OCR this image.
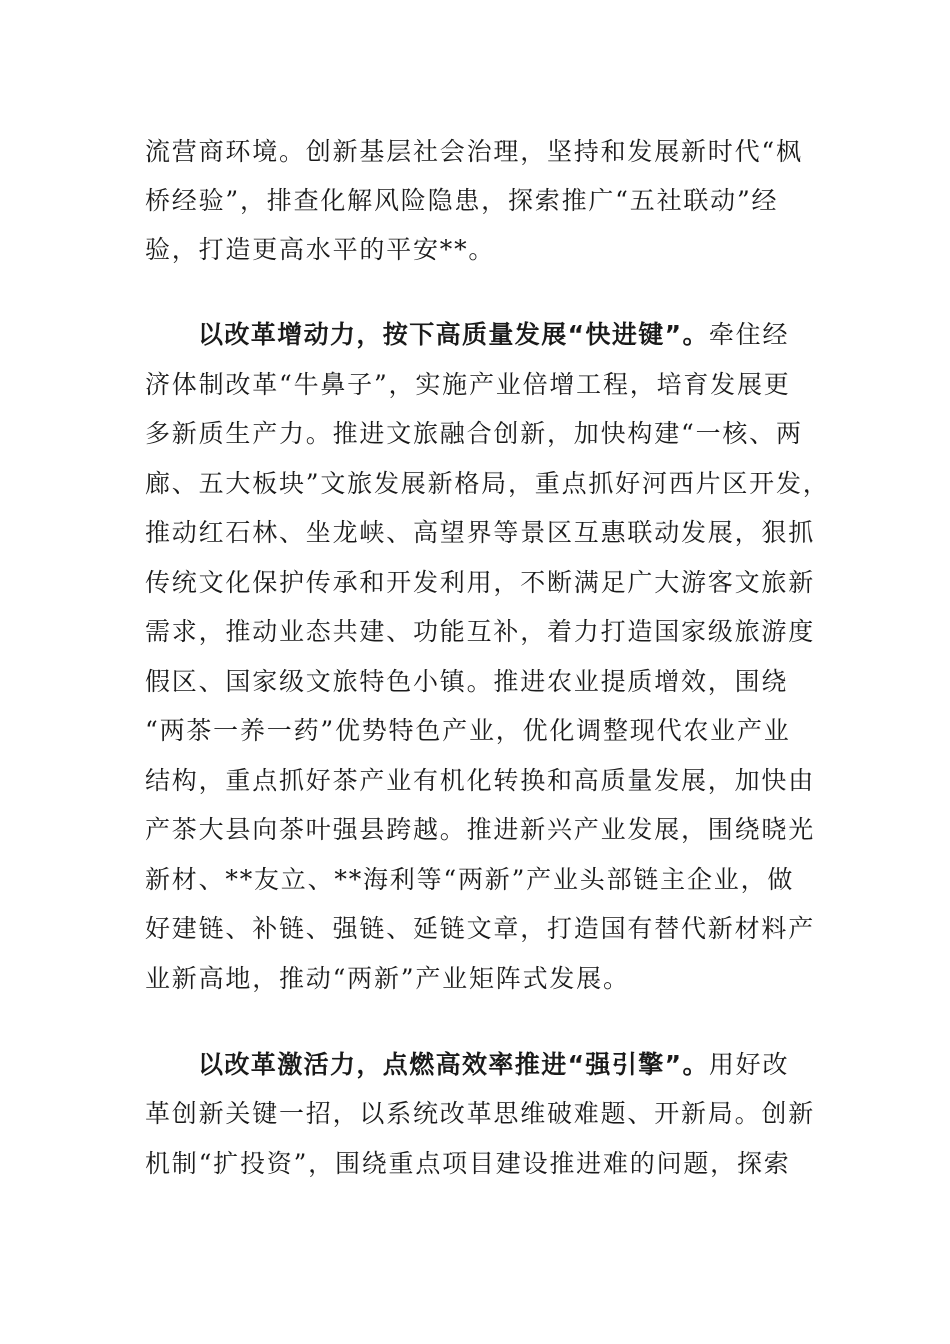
流营商环境。创新基层社会治理，坚持和发展新时代“枫
桥经验”，排查化解风险隐患，探索推广“五社联动”经
验，打造更高水平的平安**。
以改革增动力，按下高质量发展“快进键”。牵住经
济体制改革“牛鼻子”，实施产业倍增工程，培育发展更
多新质生产力。推进文旅融合创新，加快构建“一核、两
廊、五大板块”文旅发展新格局，重点抓好河西片区开发，
推动红石林、坐龙峡、高望界等景区互惠联动发展，狠抓
传统文化保护传承和开发利用，不断满足广大游客文旅新
需求，推动业态共建、功能互补，着力打造国家级旅游度
假区、国家级文旅特色小镇。推进农业提质增效，围绕
“两茶一养一药”优势特色产业，优化调整现代农业产业
结构，重点抓好茶产业有机化转换和高质量发展，加快由
产茶大县向茶叶强县跨越。推进新兴产业发展，围绕晓光
新材、**友立、**海利等“两新”产业头部链主企业，做
好建链、补链、强链、延链文章，打造国有替代新材料产
业新高地，推动“两新”产业矩阵式发展。
以改革激活力，点燃高效率推进“强引擎”。用好改
革创新关键一招，以系统改革思维破难题、开新局。创新
机制“扩投资”，围绕重点项目建设推进难的问题，探索
